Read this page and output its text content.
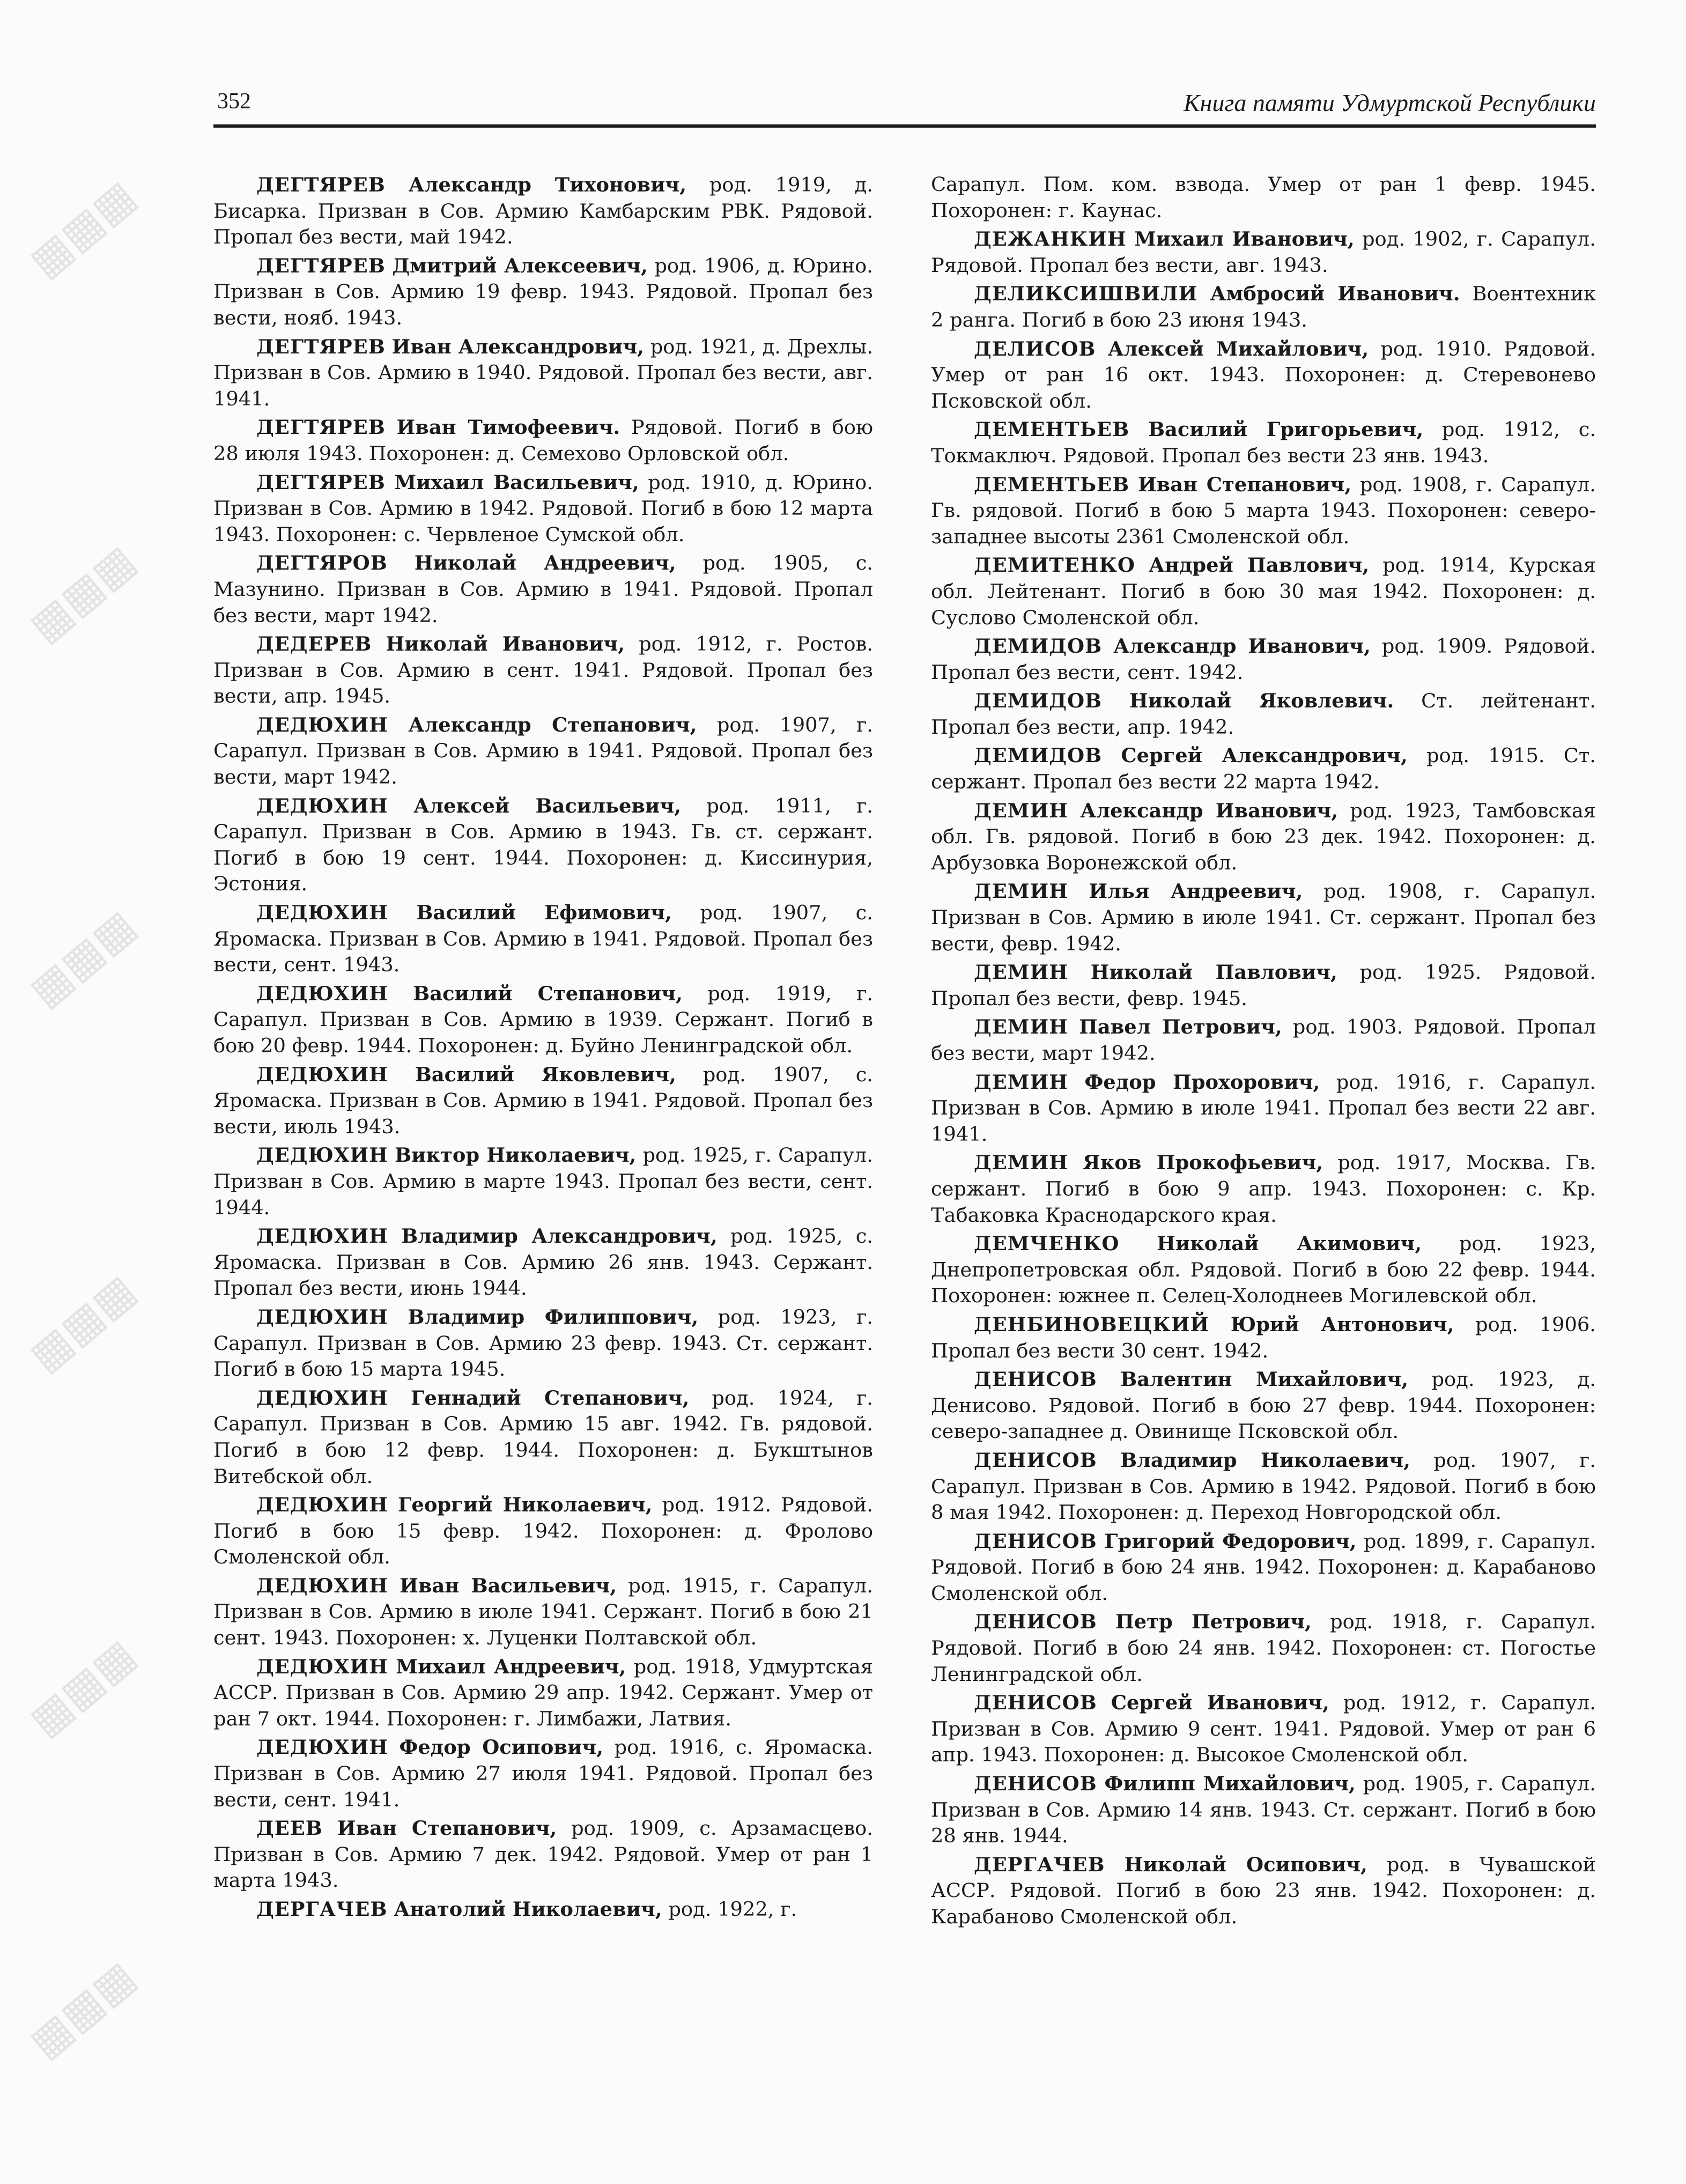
352	Книга памяти Удмуртской Республики

ДЕГТЯРЕВ Александр Тихонович, род. 1919, д. Бисарка. Призван в Сов. Армию Камбарским РВК. Рядовой. Пропал без вести, май 1942.

ДЕГТЯРЕВ Дмитрий Алексеевич, род. 1906, д. Юрино. Призван в Сов. Армию 19 февр. 1943. Рядовой. Пропал без вести, нояб. 1943.

ДЕГТЯРЕВ Иван Александрович, род. 1921, д. Дрехлы. Призван в Сов. Армию в 1940. Рядовой. Пропал без вести, авг. 1941.

ДЕГТЯРЕВ Иван Тимофеевич. Рядовой. Погиб в бою 28 июля 1943. Похоронен: д. Семехово Орловской обл.

ДЕГТЯРЕВ Михаил Васильевич, род. 1910, д. Юрино. Призван в Сов. Армию в 1942. Рядовой. Погиб в бою 12 марта 1943. Похоронен: с. Червленое Сумской обл.

ДЕГТЯРОВ Николай Андреевич, род. 1905, с. Мазунино. Призван в Сов. Армию в 1941. Рядовой. Пропал без вести, март 1942.

ДЕДЕРЕВ Николай Иванович, род. 1912, г. Ростов. Призван в Сов. Армию в сент. 1941. Рядовой. Пропал без вести, апр. 1945.

ДЕДЮХИН Александр Степанович, род. 1907, г. Сарапул. Призван в Сов. Армию в 1941. Рядовой. Пропал без вести, март 1942.

ДЕДЮХИН Алексей Васильевич, род. 1911, г. Сарапул. Призван в Сов. Армию в 1943. Гв. ст. сержант. Погиб в бою 19 сент. 1944. Похоронен: д. Киссинурия, Эстония.

ДЕДЮХИН Василий Ефимович, род. 1907, с. Яромаска. Призван в Сов. Армию в 1941. Рядовой. Пропал без вести, сент. 1943.

ДЕДЮХИН Василий Степанович, род. 1919, г. Сарапул. Призван в Сов. Армию в 1939. Сержант. Погиб в бою 20 февр. 1944. Похоронен: д. Буйно Ленинградской обл.

ДЕДЮХИН Василий Яковлевич, род. 1907, с. Яромаска. Призван в Сов. Армию в 1941. Рядовой. Пропал без вести, июль 1943.

ДЕДЮХИН Виктор Николаевич, род. 1925, г. Сарапул. Призван в Сов. Армию в марте 1943. Пропал без вести, сент. 1944.

ДЕДЮХИН Владимир Александрович, род. 1925, с. Яромаска. Призван в Сов. Армию 26 янв. 1943. Сержант. Пропал без вести, июнь 1944.

ДЕДЮХИН Владимир Филиппович, род. 1923, г. Сарапул. Призван в Сов. Армию 23 февр. 1943. Ст. сержант. Погиб в бою 15 марта 1945.

ДЕДЮХИН Геннадий Степанович, род. 1924, г. Сарапул. Призван в Сов. Армию 15 авг. 1942. Гв. рядовой. Погиб в бою 12 февр. 1944. Похоронен: д. Букштынов Витебской обл.

ДЕДЮХИН Георгий Николаевич, род. 1912. Рядовой. Погиб в бою 15 февр. 1942. Похоронен: д. Фролово Смоленской обл.

ДЕДЮХИН Иван Васильевич, род. 1915, г. Сарапул. Призван в Сов. Армию в июле 1941. Сержант. Погиб в бою 21 сент. 1943. Похоронен: х. Луценки Полтавской обл.

ДЕДЮХИН Михаил Андреевич, род. 1918, Удмуртская АССР. Призван в Сов. Армию 29 апр. 1942. Сержант. Умер от ран 7 окт. 1944. Похоронен: г. Лимбажи, Латвия.

ДЕДЮХИН Федор Осипович, род. 1916, с. Яромаска. Призван в Сов. Армию 27 июля 1941. Рядовой. Пропал без вести, сент. 1941.

ДЕЕВ Иван Степанович, род. 1909, с. Арзамасцево. Призван в Сов. Армию 7 дек. 1942. Рядовой. Умер от ран 1 марта 1943.

ДЕРГАЧЕВ Анатолий Николаевич, род. 1922, г.

Сарапул. Пом. ком. взвода. Умер от ран 1 февр. 1945. Похоронен: г. Каунас.

ДЕЖАНКИН Михаил Иванович, род. 1902, г. Сарапул. Рядовой. Пропал без вести, авг. 1943.

ДЕЛИКСИШВИЛИ Амбросий Иванович. Воентехник 2 ранга. Погиб в бою 23 июня 1943.

ДЕЛИСОВ Алексей Михайлович, род. 1910. Рядовой. Умер от ран 16 окт. 1943. Похоронен: д. Стеревонево Псковской обл.

ДЕМЕНТЬЕВ Василий Григорьевич, род. 1912, с. Токмаключ. Рядовой. Пропал без вести 23 янв. 1943.

ДЕМЕНТЬЕВ Иван Степанович, род. 1908, г. Сарапул. Гв. рядовой. Погиб в бою 5 марта 1943. Похоронен: северо-западнее высоты 2361 Смоленской обл.

ДЕМИТЕНКО Андрей Павлович, род. 1914, Курская обл. Лейтенант. Погиб в бою 30 мая 1942. Похоронен: д. Суслово Смоленской обл.

ДЕМИДОВ Александр Иванович, род. 1909. Рядовой. Пропал без вести, сент. 1942.

ДЕМИДОВ Николай Яковлевич. Ст. лейтенант. Пропал без вести, апр. 1942.

ДЕМИДОВ Сергей Александрович, род. 1915. Ст. сержант. Пропал без вести 22 марта 1942.

ДЕМИН Александр Иванович, род. 1923, Тамбовская обл. Гв. рядовой. Погиб в бою 23 дек. 1942. Похоронен: д. Арбузовка Воронежской обл.

ДЕМИН Илья Андреевич, род. 1908, г. Сарапул. Призван в Сов. Армию в июле 1941. Ст. сержант. Пропал без вести, февр. 1942.

ДЕМИН Николай Павлович, род. 1925. Рядовой. Пропал без вести, февр. 1945.

ДЕМИН Павел Петрович, род. 1903. Рядовой. Пропал без вести, март 1942.

ДЕМИН Федор Прохорович, род. 1916, г. Сарапул. Призван в Сов. Армию в июле 1941. Пропал без вести 22 авг. 1941.

ДЕМИН Яков Прокофьевич, род. 1917, Москва. Гв. сержант. Погиб в бою 9 апр. 1943. Похоронен: с. Кр. Табаковка Краснодарского края.

ДЕМЧЕНКО Николай Акимович, род. 1923, Днепропетровская обл. Рядовой. Погиб в бою 22 февр. 1944. Похоронен: южнее п. Селец-Холоднеев Могилевской обл.

ДЕНБИНОВЕЦКИЙ Юрий Антонович, род. 1906. Пропал без вести 30 сент. 1942.

ДЕНИСОВ Валентин Михайлович, род. 1923, д. Денисово. Рядовой. Погиб в бою 27 февр. 1944. Похоронен: северо-западнее д. Овинище Псковской обл.

ДЕНИСОВ Владимир Николаевич, род. 1907, г. Сарапул. Призван в Сов. Армию в 1942. Рядовой. Погиб в бою 8 мая 1942. Похоронен: д. Переход Новгородской обл.

ДЕНИСОВ Григорий Федорович, род. 1899, г. Сарапул. Рядовой. Погиб в бою 24 янв. 1942. Похоронен: д. Карабаново Смоленской обл.

ДЕНИСОВ Петр Петрович, род. 1918, г. Сарапул. Рядовой. Погиб в бою 24 янв. 1942. Похоронен: ст. Погостье Ленинградской обл.

ДЕНИСОВ Сергей Иванович, род. 1912, г. Сарапул. Призван в Сов. Армию 9 сент. 1941. Рядовой. Умер от ран 6 апр. 1943. Похоронен: д. Высокое Смоленской обл.

ДЕНИСОВ Филипп Михайлович, род. 1905, г. Сарапул. Призван в Сов. Армию 14 янв. 1943. Ст. сержант. Погиб в бою 28 янв. 1944.

ДЕРГАЧЕВ Николай Осипович, род. в Чувашской АССР. Рядовой. Погиб в бою 23 янв. 1942. Похоронен: д. Карабаново Смоленской обл.

▦▦▦
▦▦▦
▦▦▦
▦▦▦
▦▦▦
▦▦▦
